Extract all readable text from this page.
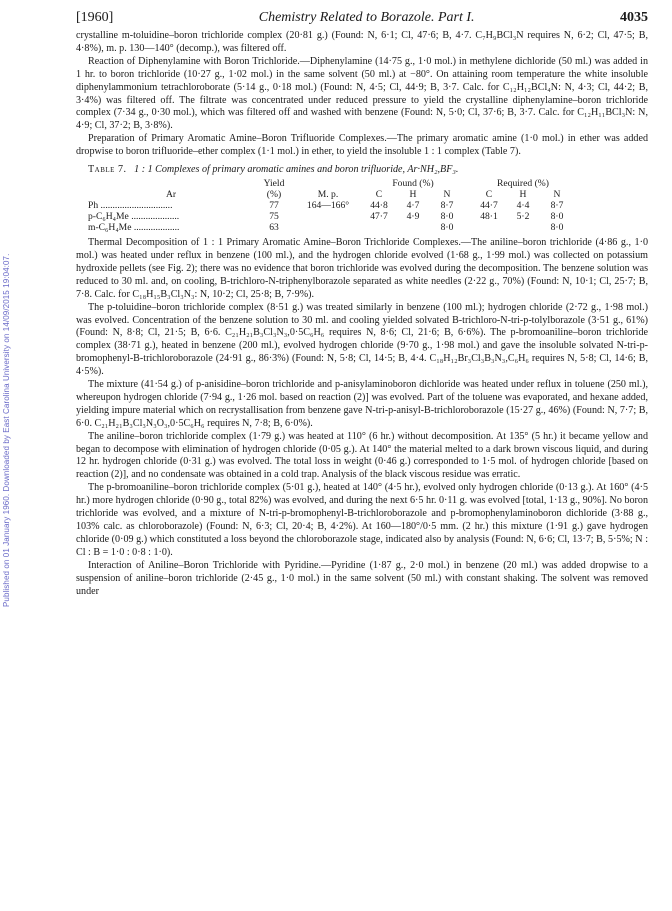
Published on 01 January 1960. Downloaded by East Carolina University on 14/09/2015 19:04:07.
[1960]	Chemistry Related to Borazole. Part I.	4035

crystalline m-toluidine–boron trichloride complex (20·81 g.) (Found: N, 6·1; Cl, 47·6; B, 4·7. C₇H₉BCl₃N requires N, 6·2; Cl, 47·5; B, 4·8%), m. p. 130—140° (decomp.), was filtered off.

Reaction of Diphenylamine with Boron Trichloride.—Diphenylamine (14·75 g., 1·0 mol.) in methylene dichloride (50 ml.) was added in 1 hr. to boron trichloride (10·27 g., 1·02 mol.) in the same solvent (50 ml.) at −80°. On attaining room temperature the white insoluble diphenylammonium tetrachloroborate (5·14 g., 0·18 mol.) (Found: N, 4·5; Cl, 44·9; B, 3·7. Calc. for C₁₂H₁₂BCl₄N: N, 4·3; Cl, 44·2; B, 3·4%) was filtered off. The filtrate was concentrated under reduced pressure to yield the crystalline diphenylamine–boron trichloride complex (7·34 g., 0·30 mol.), which was filtered off and washed with benzene (Found: N, 5·0; Cl, 37·6; B, 3·7. Calc. for C₁₂H₁₁BCl₃N: N, 4·9; Cl, 37·2; B, 3·8%).

Preparation of Primary Aromatic Amine–Boron Trifluoride Complexes.—The primary aromatic amine (1·0 mol.) in ether was added dropwise to boron trifluoride–ether complex (1·1 mol.) in ether, to yield the insoluble 1 : 1 complex (Table 7).

Table 7. 1 : 1 Complexes of primary aromatic amines and boron trifluoride, Ar·NH₂,BF₃.
	Yield		Found (%)				Required (%)		
Ar	(%)	M. p.	C	H	N		C	H	N
Ph ..............................	77	164—166°	44·8	4·7	8·7		44·7	4·4	8·7
p-C₆H₄Me ....................	75		47·7	4·9	8·0		48·1	5·2	8·0
m-C₆H₄Me ...................	63				8·0				8·0

Thermal Decomposition of 1 : 1 Primary Aromatic Amine–Boron Trichloride Complexes.—The aniline–boron trichloride (4·86 g., 1·0 mol.) was heated under reflux in benzene (100 ml.), and the hydrogen chloride evolved (1·68 g., 1·99 mol.) was collected on potassium hydroxide pellets (see Fig. 2); there was no evidence that boron trichloride was evolved during the decomposition. The benzene solution was reduced to 30 ml. and, on cooling, B-trichloro-N-triphenylborazole separated as white needles (2·22 g., 70%) (Found: N, 10·1; Cl, 25·7; B, 7·8. Calc. for C₁₈H₁₅B₃Cl₃N₃: N, 10·2; Cl, 25·8; B, 7·9%).

The p-toluidine–boron trichloride complex (8·51 g.) was treated similarly in benzene (100 ml.); hydrogen chloride (2·72 g., 1·98 mol.) was evolved. Concentration of the benzene solution to 30 ml. and cooling yielded solvated B-trichloro-N-tri-p-tolylborazole (3·51 g., 61%) (Found: N, 8·8; Cl, 21·5; B, 6·6. C₂₁H₂₁B₃Cl₃N₃,0·5C₆H₆ requires N, 8·6; Cl, 21·6; B, 6·6%). The p-bromoaniline–boron trichloride complex (38·71 g.), heated in benzene (200 ml.), evolved hydrogen chloride (9·70 g., 1·98 mol.) and gave the insoluble solvated N-tri-p-bromophenyl-B-trichloroborazole (24·91 g., 86·3%) (Found: N, 5·8; Cl, 14·5; B, 4·4. C₁₈H₁₂Br₃Cl₃B₃N₃,C₆H₆ requires N, 5·8; Cl, 14·6; B, 4·5%).

The mixture (41·54 g.) of p-anisidine–boron trichloride and p-anisylaminoboron dichloride was heated under reflux in toluene (250 ml.), whereupon hydrogen chloride (7·94 g., 1·26 mol. based on reaction (2)] was evolved. Part of the toluene was evaporated, and hexane added, yielding impure material which on recrystallisation from benzene gave N-tri-p-anisyl-B-trichloroborazole (15·27 g., 46%) (Found: N, 7·7; B, 6·0. C₂₁H₂₁B₃Cl₃N₃O₃,0·5C₆H₆ requires N, 7·8; B, 6·0%).

The aniline–boron trichloride complex (1·79 g.) was heated at 110° (6 hr.) without decomposition. At 135° (5 hr.) it became yellow and began to decompose with elimination of hydrogen chloride (0·05 g.). At 140° the material melted to a dark brown viscous liquid, and during 12 hr. hydrogen chloride (0·31 g.) was evolved. The total loss in weight (0·46 g.) corresponded to 1·5 mol. of hydrogen chloride [based on reaction (2)], and no condensate was obtained in a cold trap. Analysis of the black viscous residue was erratic.

The p-bromoaniline–boron trichloride complex (5·01 g.), heated at 140° (4·5 hr.), evolved only hydrogen chloride (0·13 g.). At 160° (4·5 hr.) more hydrogen chloride (0·90 g., total 82%) was evolved, and during the next 6·5 hr. 0·11 g. was evolved [total, 1·13 g., 90%]. No boron trichloride was evolved, and a mixture of N-tri-p-bromophenyl-B-trichloroborazole and p-bromophenylaminoboron dichloride (3·88 g., 103% calc. as chloroborazole) (Found: N, 6·3; Cl, 20·4; B, 4·2%). At 160—180°/0·5 mm. (2 hr.) this mixture (1·91 g.) gave hydrogen chloride (0·09 g.) which constituted a loss beyond the chloroborazole stage, indicated also by analysis (Found: N, 6·6; Cl, 13·7; B, 5·5%; N : Cl : B = 1·0 : 0·8 : 1·0).

Interaction of Aniline–Boron Trichloride with Pyridine.—Pyridine (1·87 g., 2·0 mol.) in benzene (20 ml.) was added dropwise to a suspension of aniline–boron trichloride (2·45 g., 1·0 mol.) in the same solvent (50 ml.) with constant shaking. The solvent was removed under
